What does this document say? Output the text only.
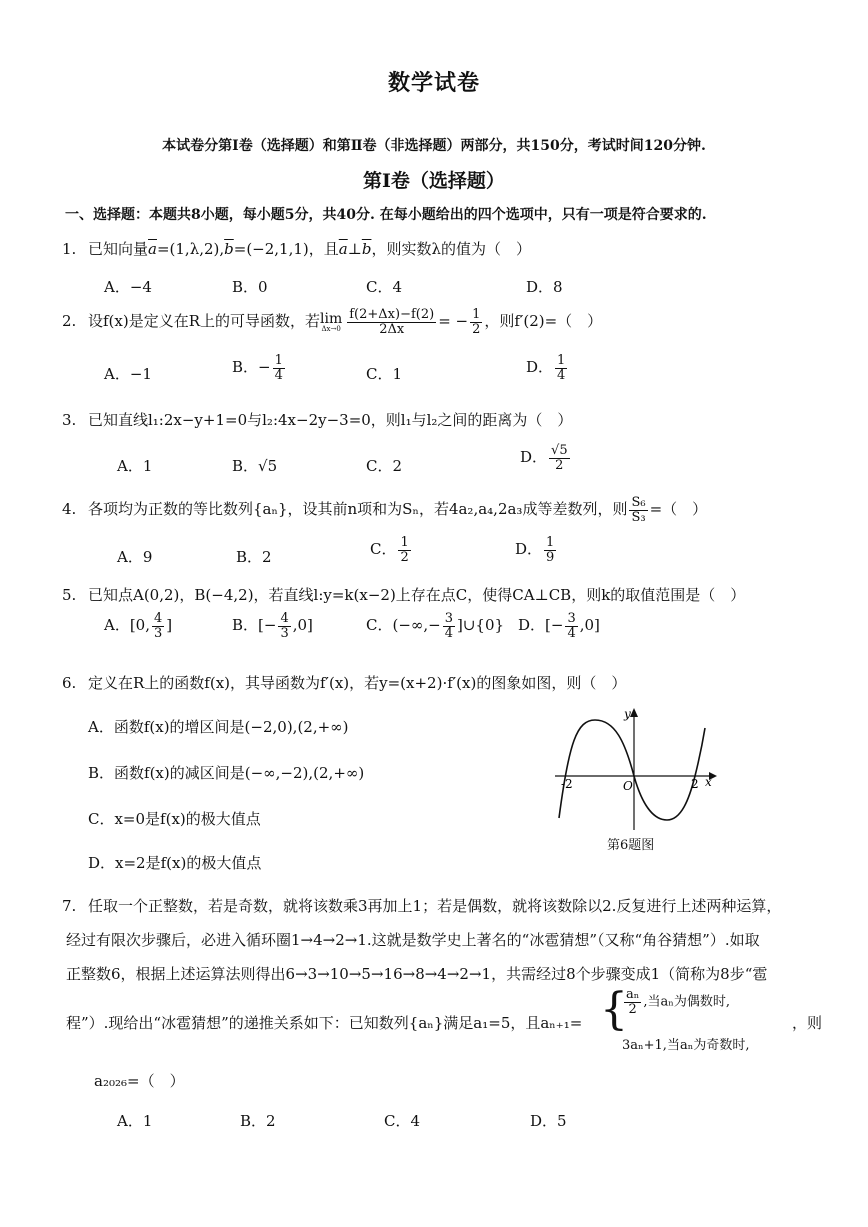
数学试卷
本试卷分第Ⅰ卷（选择题）和第Ⅱ卷（非选择题）两部分，共150分，考试时间120分钟.
第Ⅰ卷（选择题）
一、选择题：本题共8小题，每小题5分，共40分. 在每小题给出的四个选项中，只有一项是符合要求的.
1. 已知向量$\overline{a}=(1,\lambda,2),\overline{b}=(-2,1,1)$，且$\overline{a}\perp\overline{b}$，则实数λ的值为（　）
A．−4	B．0	C．4	D．8
2. 设f(x)是定义在R上的可导函数，若 lim
$\Delta x\to 0 \frac{f(2+\Delta x)-f(2)}{2\Delta x}$ = − $\frac{1}{2}$ ，则f′(2)=（　）
A．−1	B．− $\frac{1}{4}$	C．1	D． $\frac{1}{4}$
3. 已知直线l₁:2x−y+1=0与l₂:4x−2y−3=0，则l₁与l₂之间的距离为（　）
A．1	B．√5	C．2	D． $\frac{√5}{2}$
4. 各项均为正数的等比数列{aₙ}，设其前n项和为Sₙ，若4a₂,a₄,2a₃成等差数列，则 $\frac{\text{S₆}}{\text{S₃}}$ =（　）
A．9	B．2	C． $\frac{1}{2}$	D． $\frac{1}{9}$
5. 已知点A(0,2)，B(−4,2)，若直线l:y=k(x−2)上存在点C，使得CA⊥CB，则k的取值范围是（　）
A．[0, $\frac{4}{3}$ ]	B．[− $\frac{4}{3} ,0$]	C．(−∞,− $\frac{3}{4}$ ]∪{0} D．[− $\frac{3}{4} ,0$]
6. 定义在R上的函数f(x)，其导函数为f′(x)，若y=(x+2)·f′(x)的图象如图，则（　）
A．函数f(x)的增区间是(−2,0),(2,+∞)
B．函数f(x)的减区间是(−∞,−2),(2,+∞)
C．x=0是f(x)的极大值点
D．x=2是f(x)的极大值点
y
x
O
-2	2
第6题图
7. 任取一个正整数，若是奇数，就将该数乘3再加上1；若是偶数，就将该数除以2.反复进行上述两种运算，
经过有限次步骤后，必进入循环圈1→4→2→1.这就是数学史上著名的“冰雹猜想”（又称“角谷猜想”）.如取
正整数6，根据上述运算法则得出6→3→10→5→16→8→4→2→1，共需经过8个步骤变成1（简称为8步“雹
程”）.现给出“冰雹猜想”的递推关系如下：已知数列{aₙ}满足a₁=5，且aₙ₊₁= {
$\frac{\text{aₙ}}{2}$ ,当aₙ为偶数时,
3aₙ+1,当aₙ为奇数时,
，则
a₂₀₂₆=（　）
A．1	B．2	C．4	D．5
